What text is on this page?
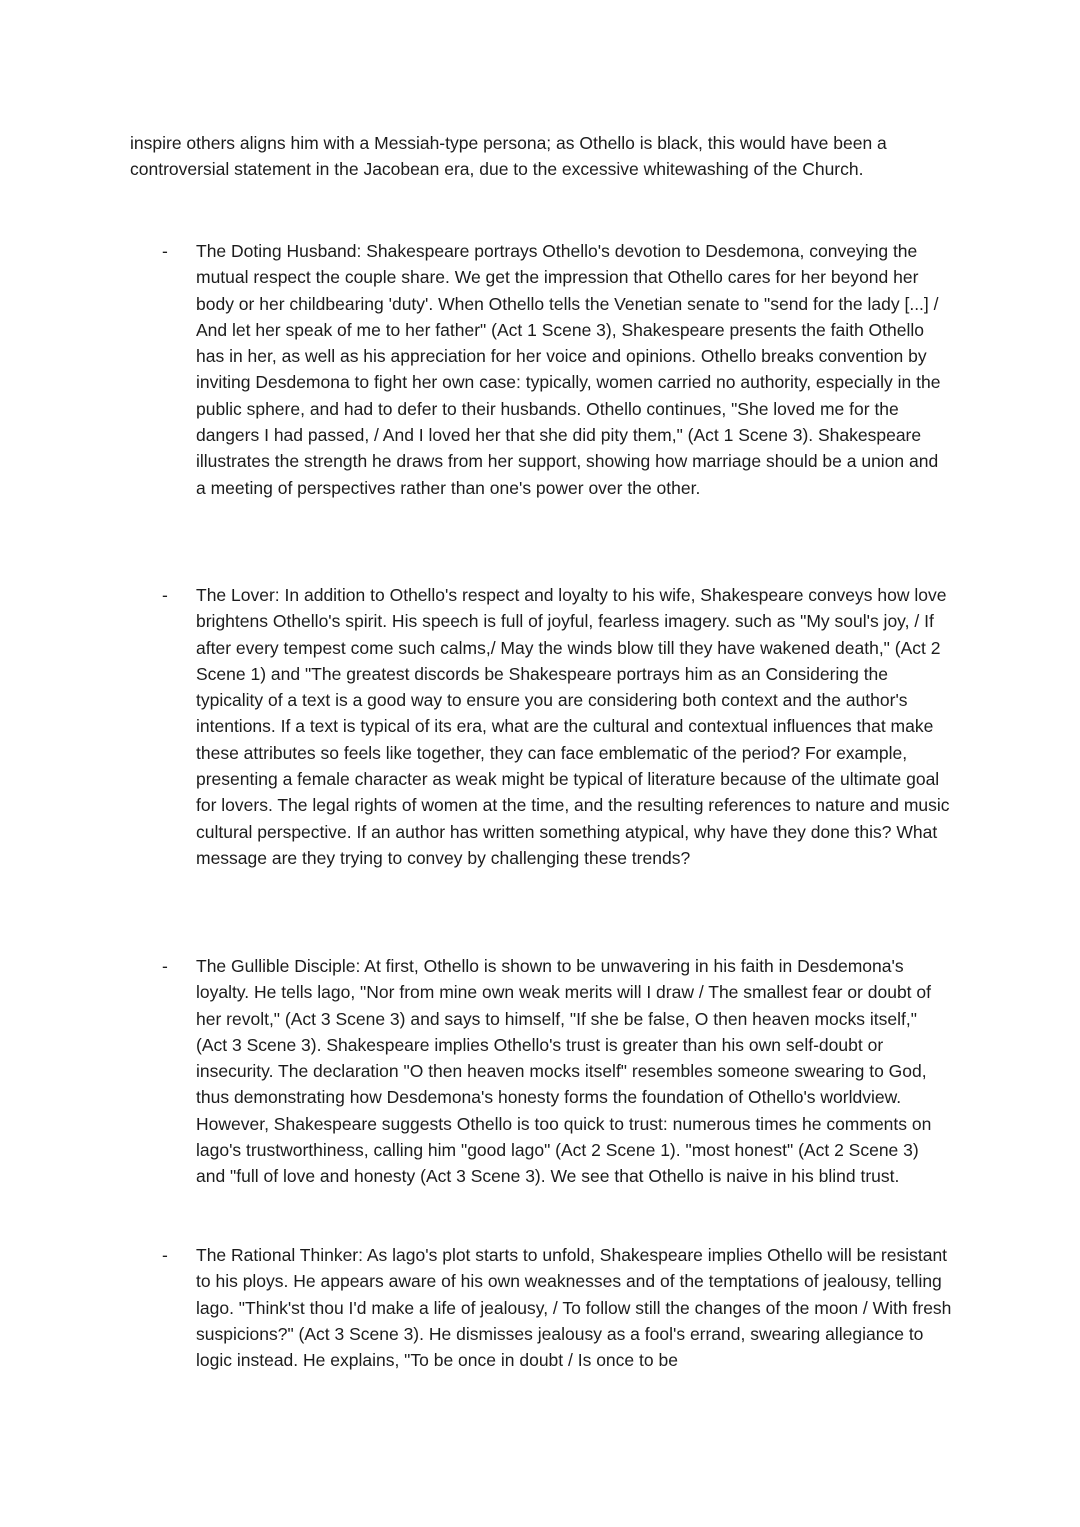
inspire others aligns him with a Messiah-type persona; as Othello is black, this would have been a controversial statement in the Jacobean era, due to the excessive whitewashing of the Church.

- The Doting Husband: Shakespeare portrays Othello's devotion to Desdemona, conveying the mutual respect the couple share. We get the impression that Othello cares for her beyond her body or her childbearing 'duty'. When Othello tells the Venetian senate to "send for the lady [...] / And let her speak of me to her father" (Act 1 Scene 3), Shakespeare presents the faith Othello has in her, as well as his appreciation for her voice and opinions. Othello breaks convention by inviting Desdemona to fight her own case: typically, women carried no authority, especially in the public sphere, and had to defer to their husbands. Othello continues, "She loved me for the dangers I had passed, / And I loved her that she did pity them," (Act 1 Scene 3). Shakespeare illustrates the strength he draws from her support, showing how marriage should be a union and a meeting of perspectives rather than one's power over the other.

- The Lover: In addition to Othello's respect and loyalty to his wife, Shakespeare conveys how love brightens Othello's spirit. His speech is full of joyful, fearless imagery. such as "My soul's joy, / If after every tempest come such calms,/ May the winds blow till they have wakened death," (Act 2 Scene 1) and "The greatest discords be Shakespeare portrays him as an Considering the typicality of a text is a good way to ensure you are considering both context and the author's intentions. If a text is typical of its era, what are the cultural and contextual influences that make these attributes so feels like together, they can face emblematic of the period? For example, presenting a female character as weak might be typical of literature because of the ultimate goal for lovers. The legal rights of women at the time, and the resulting references to nature and music cultural perspective. If an author has written something atypical, why have they done this? What message are they trying to convey by challenging these trends?

- The Gullible Disciple: At first, Othello is shown to be unwavering in his faith in Desdemona's loyalty. He tells lago, "Nor from mine own weak merits will I draw / The smallest fear or doubt of her revolt," (Act 3 Scene 3) and says to himself, "If she be false, O then heaven mocks itself," (Act 3 Scene 3). Shakespeare implies Othello's trust is greater than his own self-doubt or insecurity. The declaration "O then heaven mocks itself" resembles someone swearing to God, thus demonstrating how Desdemona's honesty forms the foundation of Othello's worldview. However, Shakespeare suggests Othello is too quick to trust: numerous times he comments on lago's trustworthiness, calling him "good lago" (Act 2 Scene 1). "most honest" (Act 2 Scene 3) and "full of love and honesty (Act 3 Scene 3). We see that Othello is naive in his blind trust.

- The Rational Thinker: As lago's plot starts to unfold, Shakespeare implies Othello will be resistant to his ploys. He appears aware of his own weaknesses and of the temptations of jealousy, telling lago. "Think'st thou I'd make a life of jealousy, / To follow still the changes of the moon / With fresh suspicions?" (Act 3 Scene 3). He dismisses jealousy as a fool's errand, swearing allegiance to logic instead. He explains, "To be once in doubt / Is once to be
